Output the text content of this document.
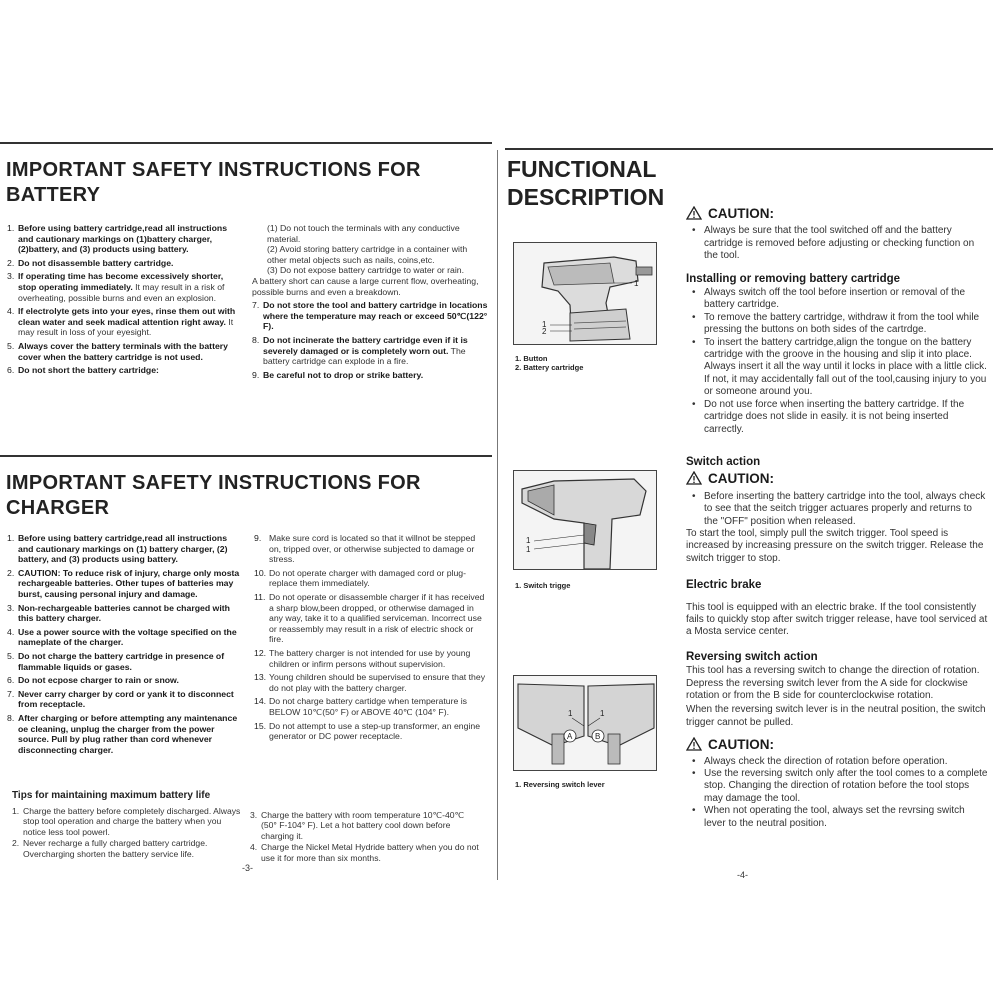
IMPORTANT SAFETY INSTRUCTIONS FOR
BATTERY
1. Before using battery cartridge,read all instructions and cautionary markings on (1)battery charger, (2)battery, and (3) products using battery.
2. Do not disassemble battery cartridge.
3. If operating time has become excessively shorter, stop operating immediately. It may result in a risk of overheating, possible burns and even an explosion.
4. If electrolyte gets into your eyes, rinse them out with clean water and seek madical attention right away. It may result in loss of your eyesight.
5. Always cover the battery terminals with the battery cover when the battery cartridge is not used.
6. Do not short the battery cartridge:
(1) Do not touch the terminals with any conductive material.
(2) Avoid storing battery cartridge in a container with other metal objects such as nails, coins,etc.
(3) Do not expose battery cartridge to water or rain.
A battery short can cause a large current flow, overheating, possible burns and even a breakdown.
7. Do not store the tool and battery cartridge in locations where the temperature may reach or exceed 50℃(122° F).
8. Do not incinerate the battery cartridge even if it is severely damaged or is completely worn out. The battery cartridge can explode in a fire.
9. Be careful not to drop or strike battery.
IMPORTANT SAFETY INSTRUCTIONS FOR
CHARGER
1. Before using battery cartridge,read all instructions and cautionary markings on (1) battery charger, (2) battery, and (3) products using battery.
2. CAUTION: To reduce risk of injury, charge only mosta rechargeable batteries. Other tupes of batteries may burst, causing personal injury and damage.
3. Non-rechargeable batteries cannot be charged with this battery charger.
4. Use a power source with the voltage specified on the nameplate of the charger.
5. Do not charge the battery cartridge in presence of flammable liquids or gases.
6. Do not ecpose charger to rain or snow.
7. Never carry charger by cord or yank it to disconnect from receptacle.
8. After charging or before attempting any maintenance oe cleaning, unplug the charger from the power source. Pull by plug rather than cord whenever disconnecting charger.
9. Make sure cord is located so that it willnot be stepped on, tripped over, or otherwise subjected to damage or stress.
10. Do not operate charger with damaged cord or plug-replace them immediately.
11. Do not operate or disassemble charger if it has received a sharp blow,been dropped, or otherwise damaged in any way, take it to a qualified serviceman. Incorrect use or reassembly may result in a risk of electric shock or fire.
12. The battery charger is not intended for use by young children or infirm persons without supervision.
13. Young children should be supervised to ensure that they do not play with the battery charger.
14. Do not charge battery cartidge when temperature is BELOW 10℃(50° F) or ABOVE 40℃ (104° F).
15. Do not attempt to use a step-up transformer, an engine generator or DC power receptacle.
Tips for maintaining maximum battery life
1. Charge the battery before completely discharged. Always stop tool operation and charge the battery when you notice less tool powerl.
2. Never recharge a fully charged battery cartridge. Overcharging shorten the battery service life.
3. Charge the battery with room temperature 10℃-40℃ (50° F-104° F). Let a hot battery cool down before charging it.
4. Charge the Nickel Metal Hydride battery when you do not use it for more than six months.
-3-
FUNCTIONAL
DESCRIPTION
1
1
2
1. Button
2. Battery cartridge
1
1
1. Switch trigge
A	B
1	1
1. Reversing switch lever
CAUTION:
• Always be sure that the tool switched off and the battery cartridge is removed before adjusting or checking function on the tool.

Installing or removing battery cartridge

• Always switch off the tool before insertion or removal of the battery cartridge.
• To remove the battery cartridge, withdraw it from the tool while pressing the buttons on both sides of the cartrdge.
• To insert the battery cartridge,align the tongue on the battery cartridge with the groove in the housing and slip it into place. Always insert it all the way until it locks in place with a little click. If not, it may accidentally fall out of the tool,causing injury to you or someone around you.
• Do not use force when inserting the battery cartridge. If the cartridge does not slide in easily. it is not being inserted carrectly.

Switch action

CAUTION:
• Before inserting the battery cartridge into the tool, always check to see that the seitch trigger actuares properly and returns to the "OFF" position when released.

To start the tool, simply pull the switch trigger. Tool speed is increased by increasing pressure on the switch trigger. Release the switch trigger to stop.

Electric brake

This tool is equipped with an electric brake. If the tool consistently fails to quickly stop after switch trigger release, have tool serviced at a Mosta service center.

Reversing switch action

This tool has a reversing switch to change the direction of rotation. Depress the reversing switch lever from the A side for clockwise rotation or from the B side for counterclockwise rotation.

When the reversing switch lever is in the neutral position, the switch trigger cannot be pulled.

CAUTION:
• Always check the direction of rotation before operation.
• Use the reversing switch only after the tool comes to a complete stop. Changing the direction of rotation before the tool stops may damage the tool.
• When not operating the tool, always set the revrsing switch lever to the neutral position.
-4-
